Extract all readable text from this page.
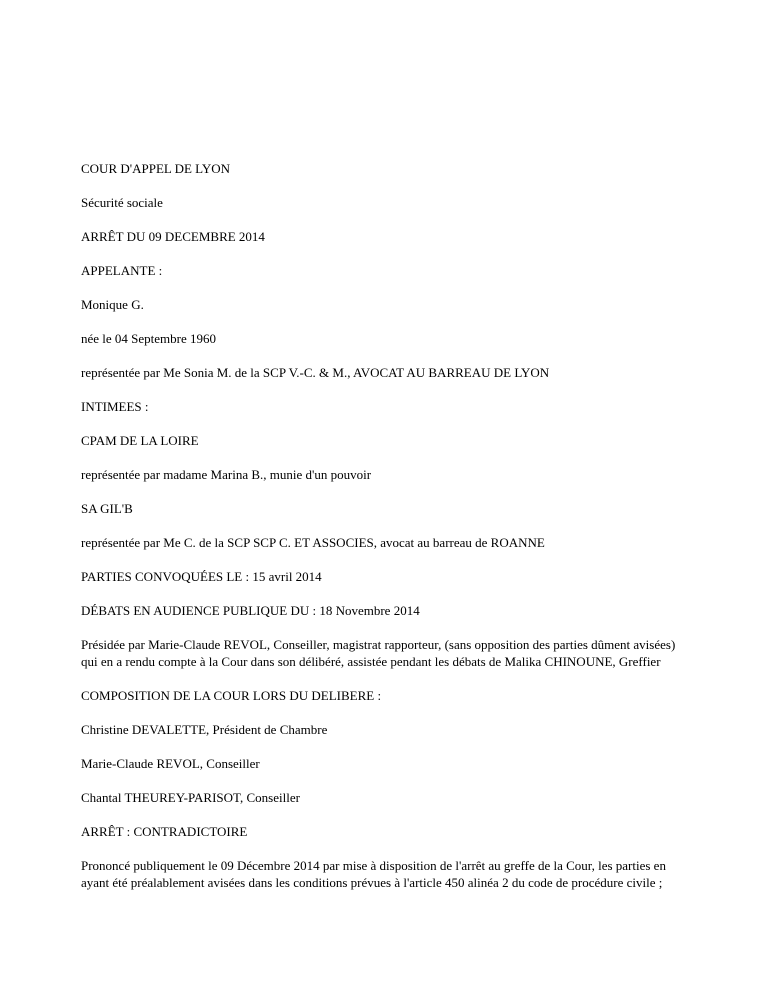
COUR D'APPEL DE LYON

Sécurité sociale

ARRÊT DU 09 DECEMBRE 2014

APPELANTE :

Monique G.

née le 04 Septembre 1960

représentée par Me Sonia M. de la SCP V.-C. & M., AVOCAT AU BARREAU DE LYON

INTIMEES :

CPAM DE LA LOIRE

représentée par madame Marina B., munie d'un pouvoir

SA GIL'B

représentée par Me C. de la SCP SCP C. ET ASSOCIES, avocat au barreau de ROANNE

PARTIES CONVOQUÉES LE : 15 avril 2014

DÉBATS EN AUDIENCE PUBLIQUE DU : 18 Novembre 2014

Présidée par Marie-Claude REVOL, Conseiller, magistrat rapporteur, (sans opposition des parties dûment avisées) qui en a rendu compte à la Cour dans son délibéré, assistée pendant les débats de Malika CHINOUNE, Greffier

COMPOSITION DE LA COUR LORS DU DELIBERE :

Christine DEVALETTE, Président de Chambre

Marie-Claude REVOL, Conseiller

Chantal THEUREY-PARISOT, Conseiller

ARRÊT : CONTRADICTOIRE

Prononcé publiquement le 09 Décembre 2014 par mise à disposition de l'arrêt au greffe de la Cour, les parties en ayant été préalablement avisées dans les conditions prévues à l'article 450 alinéa 2 du code de procédure civile ;
